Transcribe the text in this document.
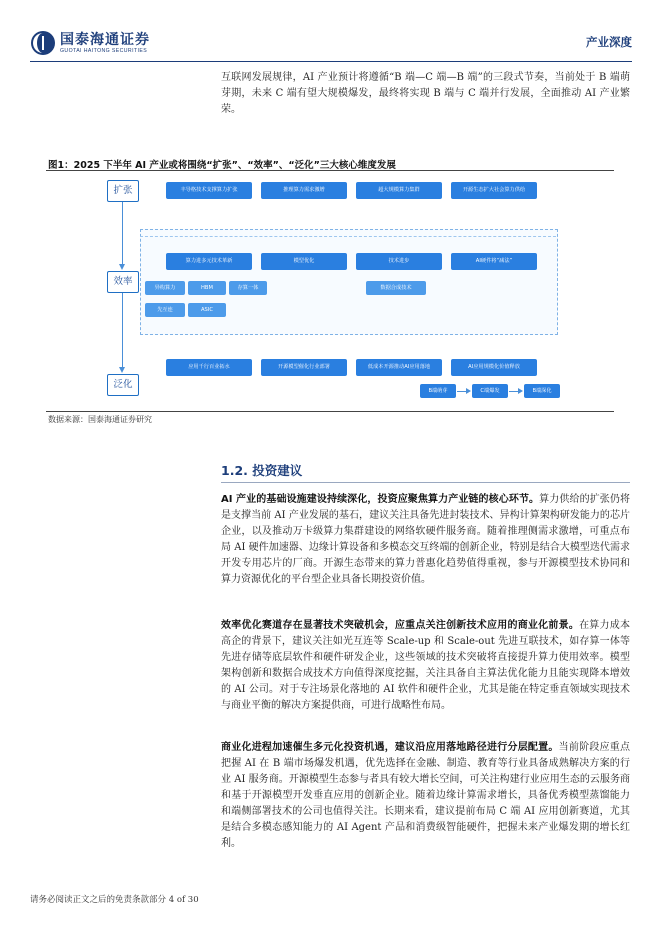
国泰海通证券
GUOTAI HAITONG SECURITIES
产业深度

互联网发展规律，AI 产业预计将遵循“B 端—C 端—B 端”的三段式节奏，当前处于 B 端萌芽期，未来 C 端有望大规模爆发，最终将实现 B 端与 C 端并行发展，全面推动 AI 产业繁荣。

图1：2025 下半年 AI 产业或将围绕“扩张”、“效率”、“泛化”三大核心维度发展
扩张
效率
泛化
丰导格技术支撑算力扩张	推理算力需求激增	超大规模算力集群	开源生态扩大社会算力供给
算力进多元技术革新	模型优化	技术进步	AI硬件将“减法”
异构算力	HBM	存算一体	数据合成技术
先互连	ASIC
应用千行百业拓水	开源模型催化行业部署	低成本开源推动AI应用落地	AI应用规模化价值释放
B端萌芽	C端爆发	B端深化
数据来源：国泰海通证券研究
1.2. 投资建议

AI 产业的基础设施建设持续深化，投资应聚焦算力产业链的核心环节。算力供给的扩张仍将是支撑当前 AI 产业发展的基石，建议关注具备先进封装技术、异构计算架构研发能力的芯片企业，以及推动万卡级算力集群建设的网络软硬件服务商。随着推理侧需求激增，可重点布局 AI 硬件加速器、边缘计算设备和多模态交互终端的创新企业，特别是结合大模型迭代需求开发专用芯片的厂商。开源生态带来的算力普惠化趋势值得重视，参与开源模型技术协同和算力资源优化的平台型企业具备长期投资价值。

效率优化赛道存在显著技术突破机会，应重点关注创新技术应用的商业化前景。在算力成本高企的背景下，建议关注如光互连等 Scale-up 和 Scale-out 先进互联技术，如存算一体等先进存储等底层软件和硬件研发企业，这些领域的技术突破将直接提升算力使用效率。模型架构创新和数据合成技术方向值得深度挖掘，关注具备自主算法优化能力且能实现降本增效的 AI 公司。对于专注场景化落地的 AI 软件和硬件企业，尤其是能在特定垂直领域实现技术与商业平衡的解决方案提供商，可进行战略性布局。

商业化进程加速催生多元化投资机遇，建议沿应用落地路径进行分层配置。当前阶段应重点把握 AI 在 B 端市场爆发机遇，优先选择在金融、制造、教育等行业具备成熟解决方案的行业 AI 服务商。开源模型生态参与者具有较大增长空间，可关注构建行业应用生态的云服务商和基于开源模型开发垂直应用的创新企业。随着边缘计算需求增长，具备优秀模型蒸馏能力和端侧部署技术的公司也值得关注。长期来看，建议提前布局 C 端 AI 应用创新赛道，尤其是结合多模态感知能力的 AI Agent 产品和消费级智能硬件，把握未来产业爆发期的增长红利。

请务必阅读正文之后的免责条款部分 4 of 30
